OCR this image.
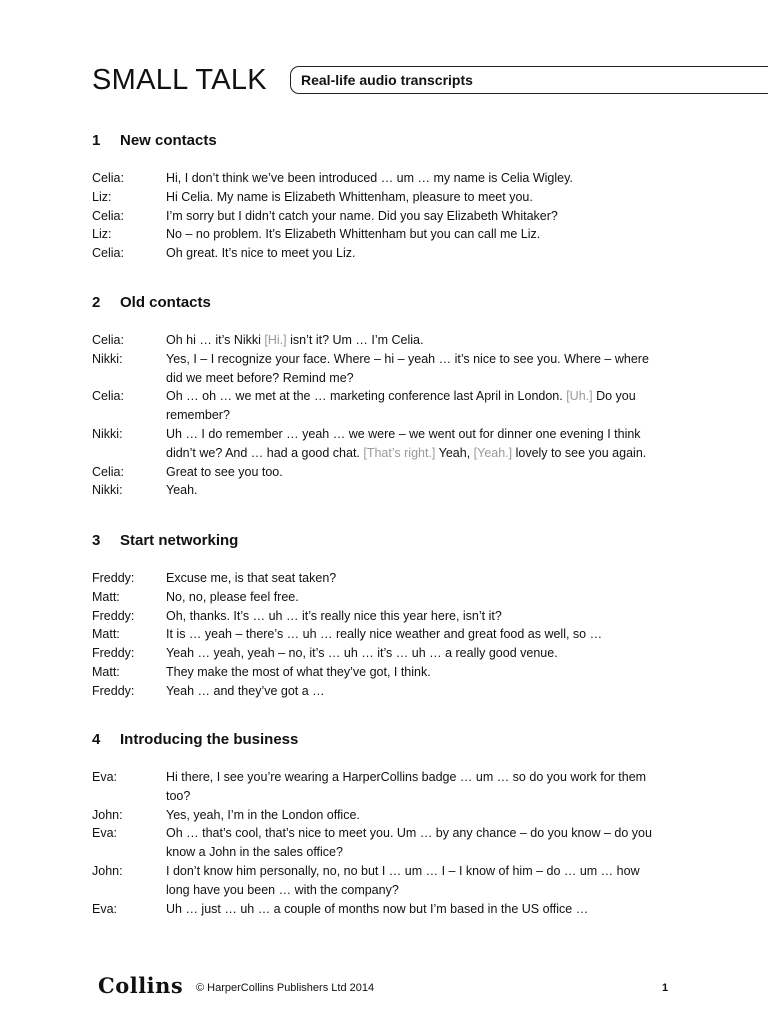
SMALL TALK Real-life audio transcripts
1 New contacts
Celia:	Hi, I don’t think we’ve been introduced … um … my name is Celia Wigley.
Liz:	Hi Celia. My name is Elizabeth Whittenham, pleasure to meet you.
Celia:	I’m sorry but I didn’t catch your name. Did you say Elizabeth Whitaker?
Liz:	No – no problem. It’s Elizabeth Whittenham but you can call me Liz.
Celia:	Oh great. It’s nice to meet you Liz.
2 Old contacts
Celia:	Oh hi … it’s Nikki [Hi.] isn’t it? Um … I’m Celia.
Nikki:	Yes, I – I recognize your face. Where – hi – yeah … it’s nice to see you. Where – where did we meet before? Remind me?
Celia:	Oh … oh … we met at the … marketing conference last April in London. [Uh.] Do you remember?
Nikki:	Uh … I do remember … yeah … we were – we went out for dinner one evening I think didn’t we? And … had a good chat. [That’s right.] Yeah, [Yeah.] lovely to see you again.
Celia:	Great to see you too.
Nikki:	Yeah.
3 Start networking
Freddy:	Excuse me, is that seat taken?
Matt:	No, no, please feel free.
Freddy:	Oh, thanks. It’s … uh … it’s really nice this year here, isn’t it?
Matt:	It is … yeah – there’s … uh … really nice weather and great food as well, so …
Freddy:	Yeah … yeah, yeah – no, it’s … uh … it’s … uh … a really good venue.
Matt:	They make the most of what they’ve got, I think.
Freddy:	Yeah … and they’ve got a …
4 Introducing the business
Eva:	Hi there, I see you’re wearing a HarperCollins badge … um … so do you work for them too?
John:	Yes, yeah, I’m in the London office.
Eva:	Oh … that’s cool, that’s nice to meet you. Um … by any chance – do you know – do you know a John in the sales office?
John:	I don’t know him personally, no, no but I … um … I – I know of him – do … um … how long have you been … with the company?
Eva:	Uh … just … uh … a couple of months now but I’m based in the US office …
Collins © HarperCollins Publishers Ltd 2014	1
